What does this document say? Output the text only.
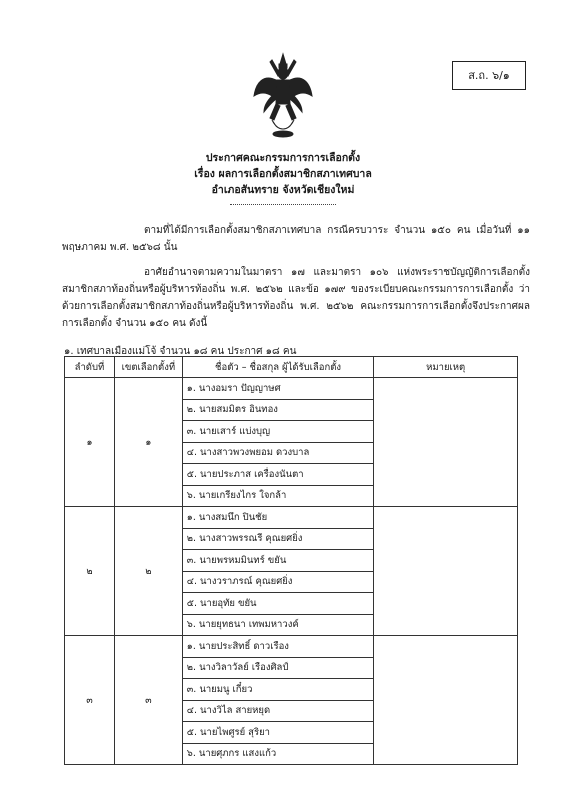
ส.ถ. ๖/๑
ประกาศคณะกรรมการการเลือกตั้ง
เรื่อง ผลการเลือกตั้งสมาชิกสภาเทศบาล
อำเภอสันทราย จังหวัดเชียงใหม่
ตามที่ได้มีการเลือกตั้งสมาชิกสภาเทศบาล กรณีครบวาระ จำนวน ๑๕๐ คน เมื่อวันที่ ๑๑ พฤษภาคม พ.ศ. ๒๕๖๘ นั้น
อาศัยอำนาจตามความในมาตรา ๑๗ และมาตรา ๑๐๖ แห่งพระราชบัญญัติการเลือกตั้งสมาชิกสภาท้องถิ่นหรือผู้บริหารท้องถิ่น พ.ศ. ๒๕๖๒ และข้อ ๑๗๙ ของระเบียบคณะกรรมการการเลือกตั้ง ว่าด้วยการเลือกตั้งสมาชิกสภาท้องถิ่นหรือผู้บริหารท้องถิ่น พ.ศ. ๒๕๖๒ คณะกรรมการการเลือกตั้งจึงประกาศผลการเลือกตั้ง จำนวน ๑๕๐ คน ดังนี้
๑. เทศบาลเมืองแม่โจ้ จำนวน ๑๘ คน ประกาศ ๑๘ คน
ลำดับที่	เขตเลือกตั้งที่	ชื่อตัว – ชื่อสกุล ผู้ได้รับเลือกตั้ง	หมายเหตุ
๑	๑	๑. นางอมรา ปัญญาษศ	
		๒. นายสมมิตร อินทอง	
		๓. นายเสาร์ แบ่งบุญ	
		๔. นางสาวพวงพยอม ดวงบาล	
		๕. นายประภาส เครื่องนันตา	
		๖. นายเกรียงไกร ใจกล้า	
๒	๒	๑. นางสมนึก ปินชัย	
		๒. นางสาวพรรณรี คุณยศยิ่ง	
		๓. นายพรหมมินทร์ ขยัน	
		๔. นางวราภรณ์ คุณยศยิ่ง	
		๕. นายอุทัย ขยัน	
		๖. นายยุทธนา เทพมหาวงค์	
๓	๓	๑. นายประสิทธิ์ ดาวเรือง	
		๒. นางวิลาวัลย์ เรืองศิลป์	
		๓. นายมนู เกี๋ยว	
		๔. นางวิไล สายหยุด	
		๕. นายไพศูรย์ สุริยา	
		๖. นายศุภกร แสงแก้ว	
